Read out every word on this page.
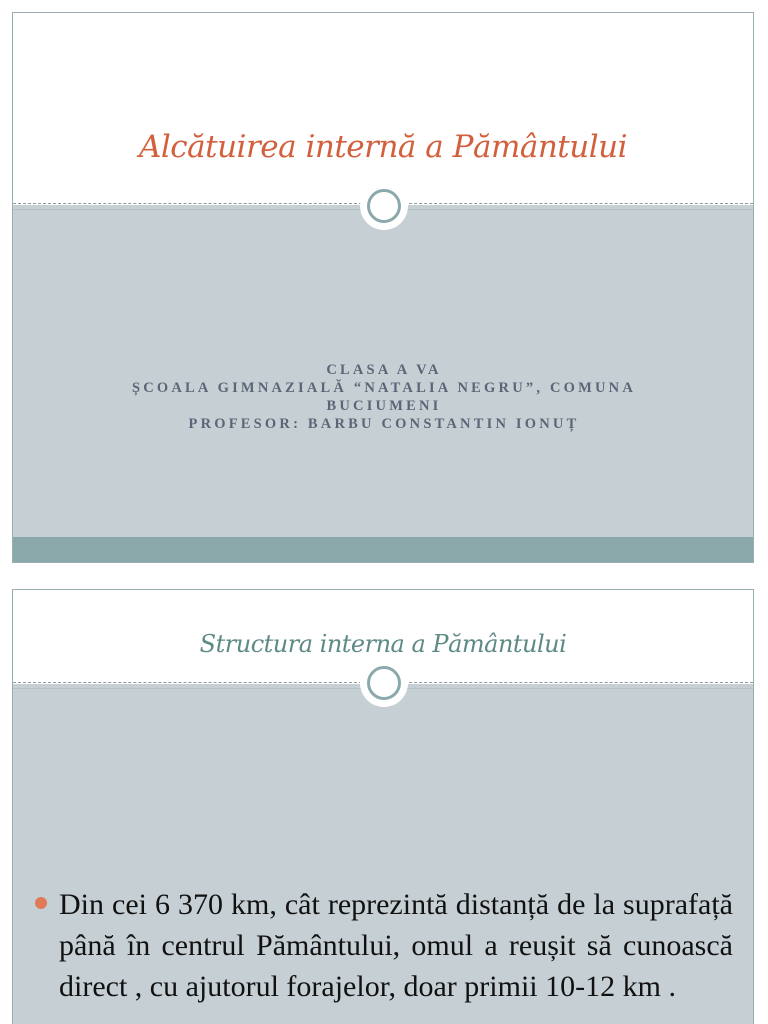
Alcătuirea internă a Pământului
CLASA A VA
ȘCOALA GIMNAZIALĂ “NATALIA NEGRU”, COMUNA
BUCIUMENI
PROFESOR: BARBU CONSTANTIN IONUȚ
Structura interna a Pământului
Din cei 6 370 km, cât reprezintă distanță de la suprafață până în centrul Pământului, omul a reușit să cunoască direct , cu ajutorul forajelor, doar primii 10-12 km .
